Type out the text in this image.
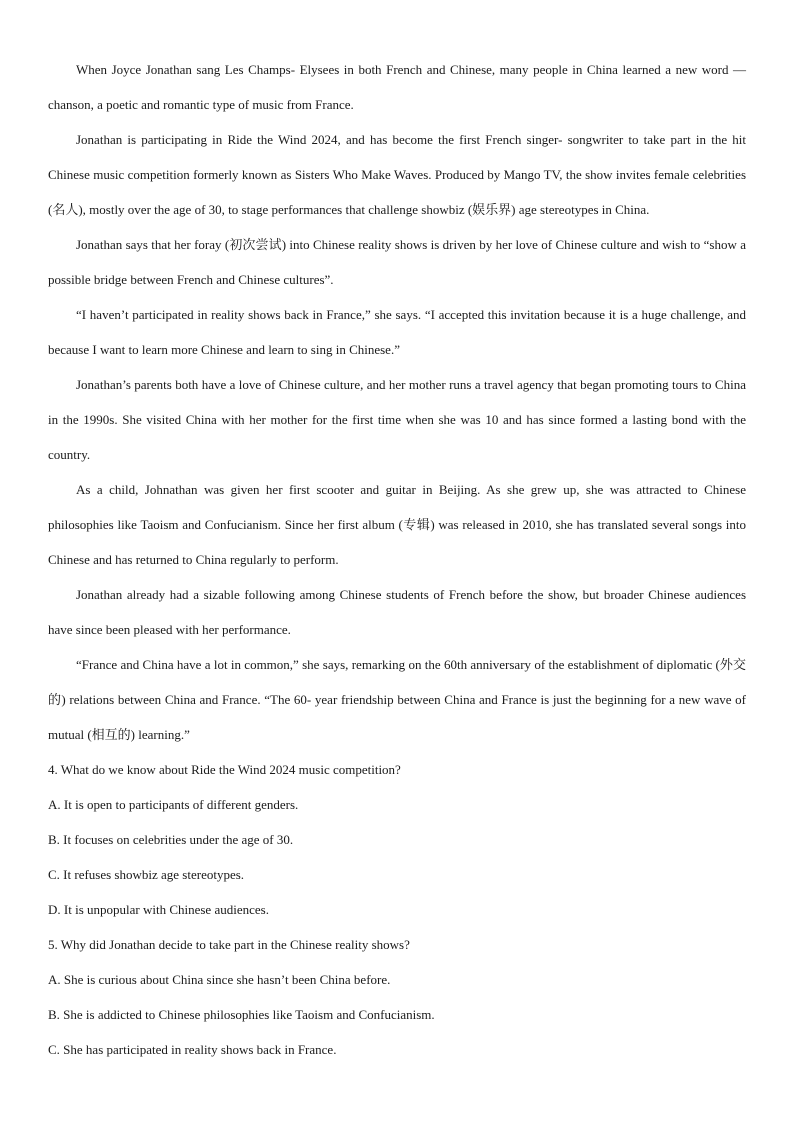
When Joyce Jonathan sang Les Champs- Elysees in both French and Chinese, many people in China learned a new word — chanson, a poetic and romantic type of music from France.

Jonathan is participating in Ride the Wind 2024, and has become the first French singer- songwriter to take part in the hit Chinese music competition formerly known as Sisters Who Make Waves. Produced by Mango TV, the show invites female celebrities (名人), mostly over the age of 30, to stage performances that challenge showbiz (娱乐界) age stereotypes in China.

Jonathan says that her foray (初次尝试) into Chinese reality shows is driven by her love of Chinese culture and wish to “show a possible bridge between French and Chinese cultures”.

“I haven’t participated in reality shows back in France,” she says. “I accepted this invitation because it is a huge challenge, and because I want to learn more Chinese and learn to sing in Chinese.”

Jonathan’s parents both have a love of Chinese culture, and her mother runs a travel agency that began promoting tours to China in the 1990s. She visited China with her mother for the first time when she was 10 and has since formed a lasting bond with the country.

As a child, Johnathan was given her first scooter and guitar in Beijing. As she grew up, she was attracted to Chinese philosophies like Taoism and Confucianism. Since her first album (专辑) was released in 2010, she has translated several songs into Chinese and has returned to China regularly to perform.

Jonathan already had a sizable following among Chinese students of French before the show, but broader Chinese audiences have since been pleased with her performance.

“France and China have a lot in common,” she says, remarking on the 60th anniversary of the establishment of diplomatic (外交的) relations between China and France. “The 60- year friendship between China and France is just the beginning for a new wave of mutual (相互的) learning.”

4. What do we know about Ride the Wind 2024 music competition?

A. It is open to participants of different genders.

B. It focuses on celebrities under the age of 30.

C. It refuses showbiz age stereotypes.

D. It is unpopular with Chinese audiences.

5. Why did Jonathan decide to take part in the Chinese reality shows?

A. She is curious about China since she hasn’t been China before.

B. She is addicted to Chinese philosophies like Taoism and Confucianism.

C. She has participated in reality shows back in France.
